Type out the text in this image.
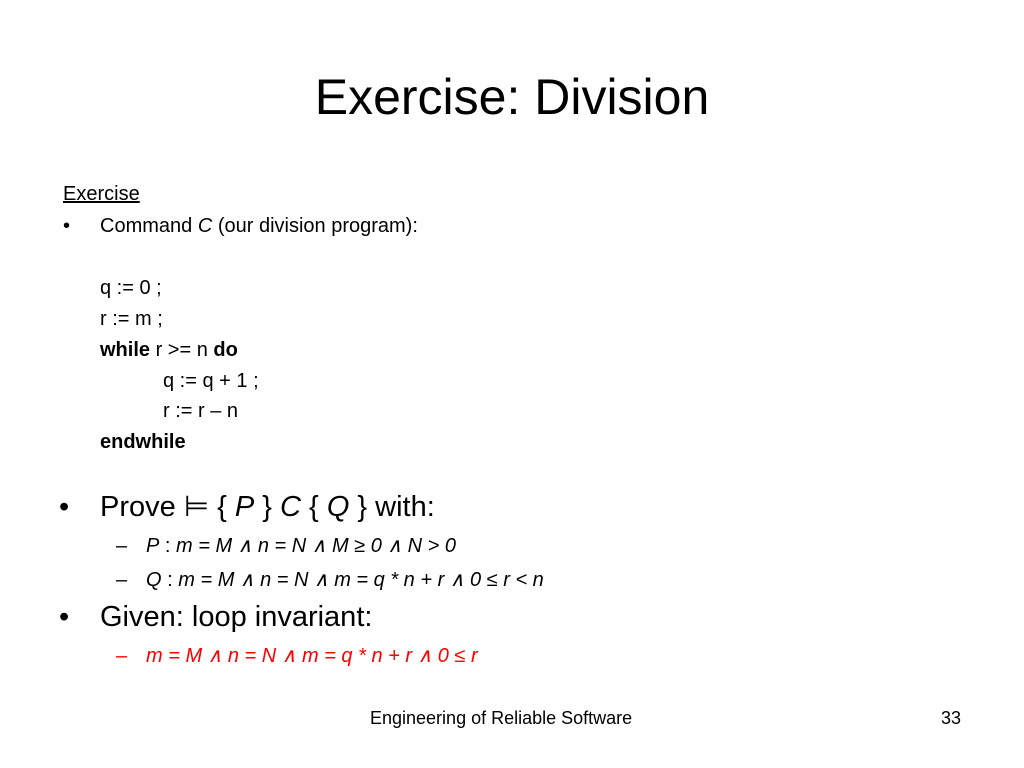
Exercise: Division
Exercise
• Command C (our division program):
q := 0 ;
r := m ;
while r >= n do
q := q + 1 ;
r := r – n
endwhile
• Prove ⊨ { P } C { Q } with:
– P : m = M ∧ n = N ∧ M ≥ 0 ∧ N > 0
– Q : m = M ∧ n = N ∧ m = q * n + r ∧ 0 ≤ r < n
• Given: loop invariant:
– m = M ∧ n = N ∧ m = q * n + r ∧ 0 ≤ r
Engineering of Reliable Software	33
